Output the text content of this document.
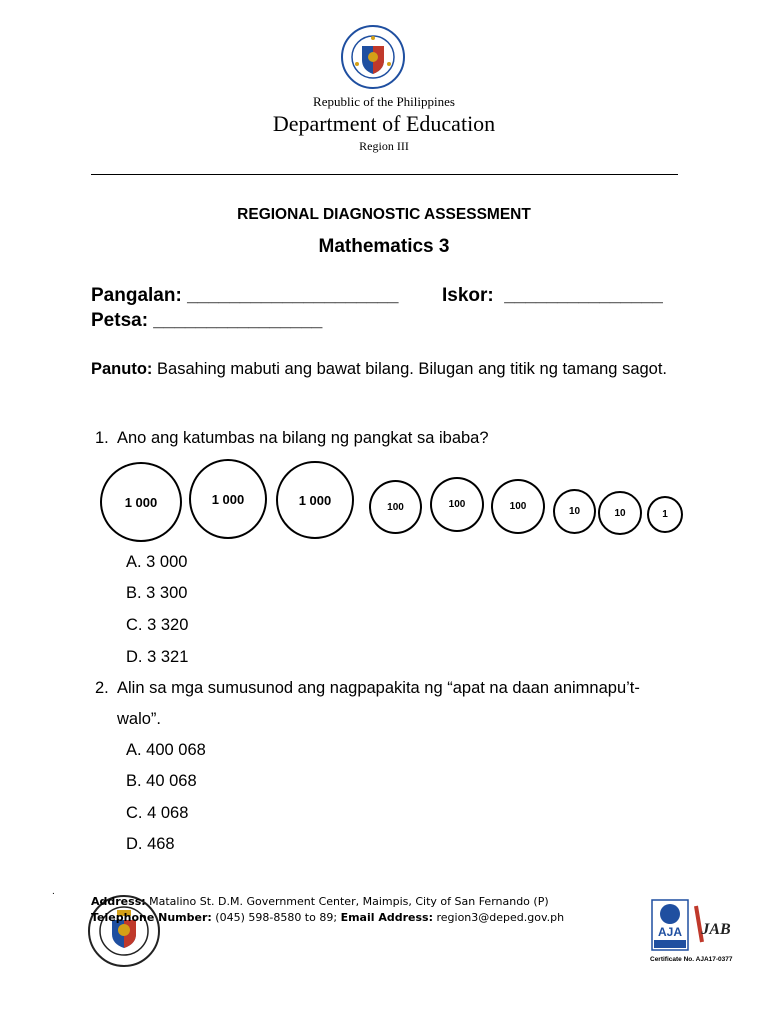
Republic of the Philippines
Department of Education
Region III
REGIONAL DIAGNOSTIC ASSESSMENT
Mathematics 3
Pangalan: ____________________ Iskor:  _______________
Petsa: ________________
Panuto: Basahing mabuti ang bawat bilang. Bilugan ang titik ng tamang sagot.
1. Ano ang katumbas na bilang ng pangkat sa ibaba?
1 000	1 000	1 000	100	100	100	10	10	1
A. 3 000
B. 3 300
C. 3 320
D. 3 321
2. Alin sa mga sumusunod ang nagpapakita ng “apat na daan animnapu’t-
walo”.
A. 400 068
B. 40 068
C. 4 068
D. 468
.
Address: Matalino St. D.M. Government Center, Maimpis, City of San Fernando (P)
Telephone Number: (045) 598-8580 to 89; Email Address: region3@deped.gov.ph
AJA JAB
Certificate No. AJA17-0377
